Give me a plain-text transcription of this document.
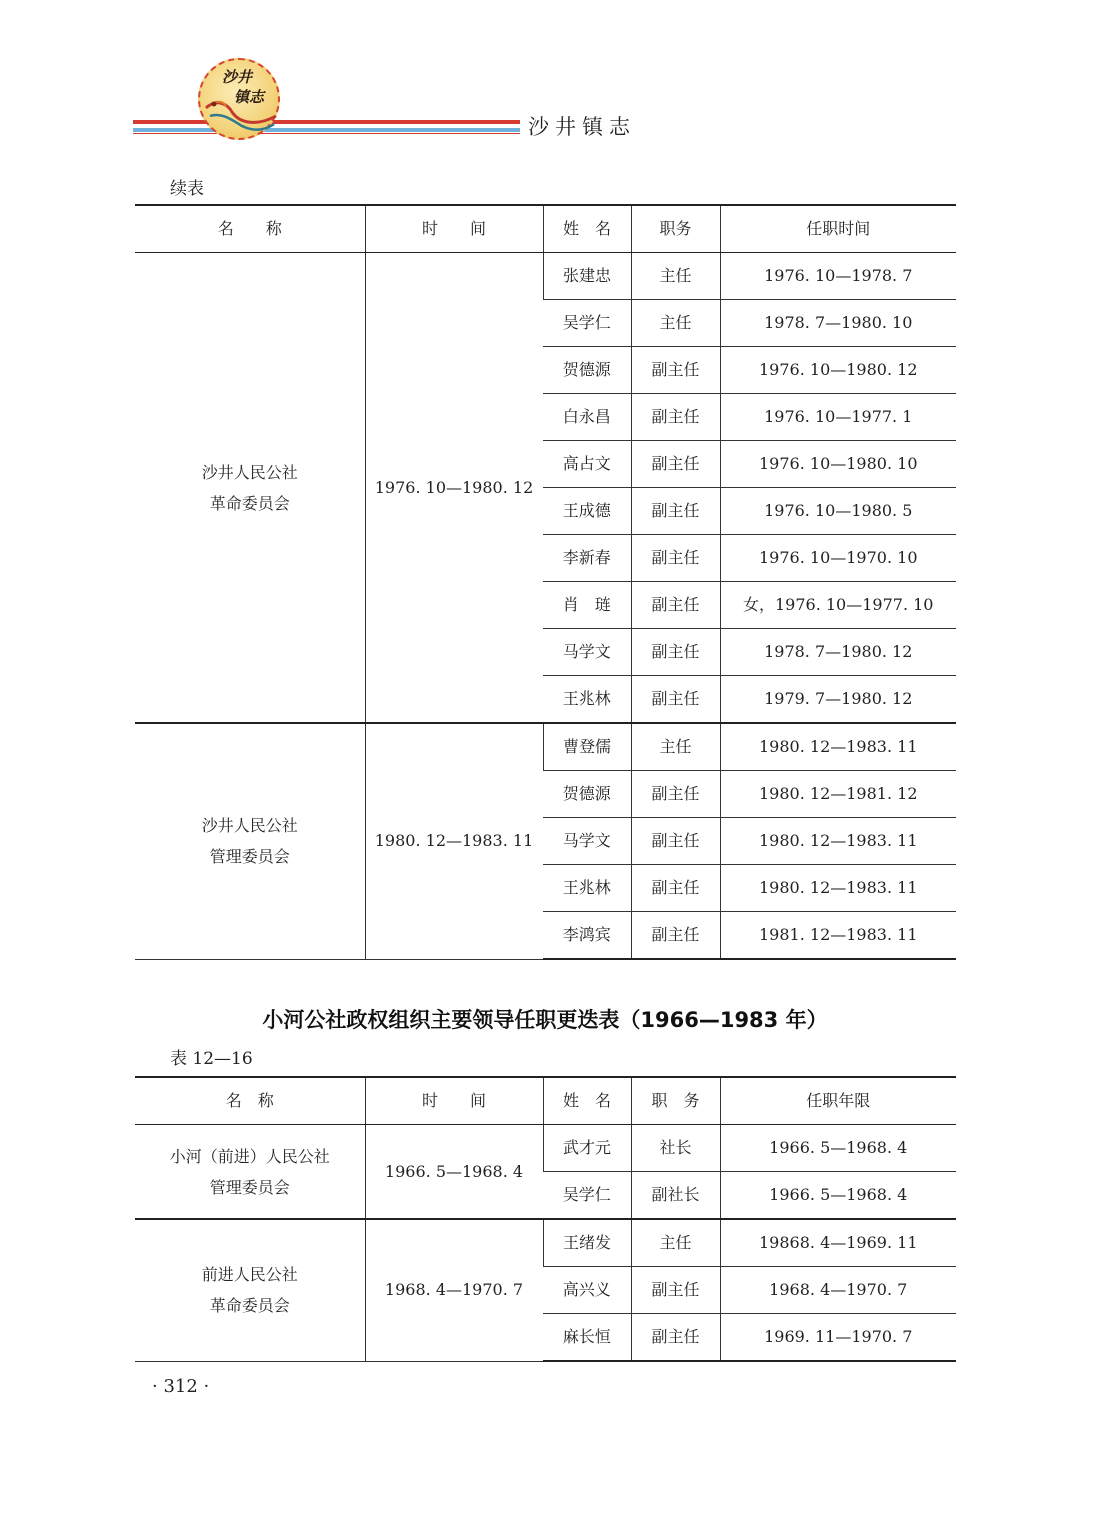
沙井
镇志
沙井镇志
续表
名　　称	时　　间	姓　名	职务	任职时间

沙井人民公社
革命委员会	1976. 10—1980. 12	张建忠	主任	1976. 10—1978. 7
		吴学仁	主任	1978. 7—1980. 10
		贺德源	副主任	1976. 10—1980. 12
		白永昌	副主任	1976. 10—1977. 1
		高占文	副主任	1976. 10—1980. 10
		王成德	副主任	1976. 10—1980. 5
		李新春	副主任	1976. 10—1970. 10
		肖　琏	副主任	女，1976. 10—1977. 10
		马学文	副主任	1978. 7—1980. 12
		王兆林	副主任	1979. 7—1980. 12

沙井人民公社
管理委员会	1980. 12—1983. 11	曹登儒	主任	1980. 12—1983. 11
		贺德源	副主任	1980. 12—1981. 12
		马学文	副主任	1980. 12—1983. 11
		王兆林	副主任	1980. 12—1983. 11
		李鸿宾	副主任	1981. 12—1983. 11
小河公社政权组织主要领导任职更迭表（1966—1983 年）
表 12—16
名　称	时　　间	姓　名	职　务	任职年限

小河（前进）人民公社
管理委员会	1966. 5—1968. 4	武才元	社长	1966. 5—1968. 4
		吴学仁	副社长	1966. 5—1968. 4

前进人民公社
革命委员会	1968. 4—1970. 7	王绪发	主任	19868. 4—1969. 11
		高兴义	副主任	1968. 4—1970. 7
		麻长恒	副主任	1969. 11—1970. 7
· 312 ·
